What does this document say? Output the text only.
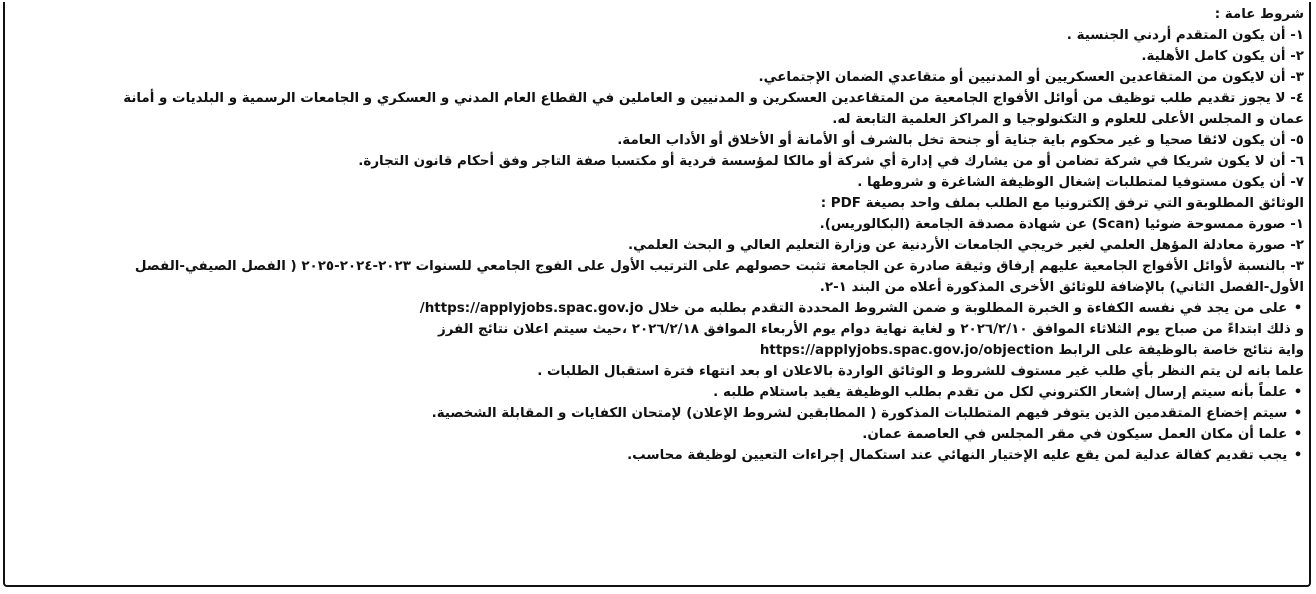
شروط عامة :
١- أن يكون المتقدم أردني الجنسية .
٢- أن يكون كامل الأهلية.
٣- أن لايكون من المتقاعدين العسكريين أو المدنيين أو متقاعدي الضمان الإجتماعي.
٤- لا يجوز تقديم طلب توظيف من أوائل الأفواج الجامعية من المتقاعدين العسكرين و المدنيين و العاملين في القطاع العام المدني و العسكري و الجامعات الرسمية و البلديات و أمانة
عمان و المجلس الأعلى للعلوم و التكنولوجيا و المراكز العلمية التابعة له.
٥- أن يكون لائقا صحيا و غير محكوم باية جناية أو جنحة تخل بالشرف أو الأمانة أو الأخلاق أو الأداب العامة.
٦- أن لا يكون شريكا في شركة تضامن أو من يشارك في إدارة أي شركة أو مالكا لمؤسسة فردية أو مكتسبا صفة التاجر وفق أحكام قانون التجارة.
٧- أن يكون مستوفيا لمتطلبات إشغال الوظيفة الشاغرة و شروطها .
الوثائق المطلوبةو التي ترفق إلكترونيا مع الطلب بملف واحد بصيغة PDF :
١- صورة ممسوحة ضوئيا (Scan) عن شهادة مصدقة الجامعة (البكالوريس).
٢- صورة معادلة المؤهل العلمي لغير خريجي الجامعات الأردنية عن وزارة التعليم العالي و البحث العلمي.
٣- بالنسبة لأوائل الأفواج الجامعية عليهم إرفاق وثيقة صادرة عن الجامعة تثبت حصولهم على الترتيب الأول على الفوج الجامعي للسنوات ٢٠٢٣-٢٠٢٤-٢٠٢٥ ( الفصل الصيفي-الفصل
الأول-الفصل الثاني) بالإضافة للوثائق الأخرى المذكورة أعلاه من البند ١-٢.
• على من يجد في نفسه الكفاءة و الخبرة المطلوبة و ضمن الشروط المحددة التقدم بطلبه من خلال https://applyjobs.spac.gov.jo/
و ذلك ابتداءً من صباح يوم الثلاثاء الموافق ٢٠٢٦/٢/١٠ و لغاية نهاية دوام يوم الأربعاء الموافق ٢٠٢٦/٢/١٨ ،حيث سيتم اعلان نتائج الفرز
واية نتائج خاصة بالوظيفة على الرابط https://applyjobs.spac.gov.jo/objection
علما بانه لن يتم النظر بأي طلب غير مستوف للشروط و الوثائق الواردة بالاعلان او بعد انتهاء فترة استقبال الطلبات .
• علماً بأنه سيتم إرسال إشعار الكتروني لكل من تقدم بطلب الوظيفة يفيد باستلام طلبه .
• سيتم إخضاع المتقدمين الذين يتوفر فيهم المتطلبات المذكورة ( المطابقين لشروط الإعلان) لإمتحان الكفايات و المقابلة الشخصية.
• علما أن مكان العمل سيكون في مقر المجلس في العاصمة عمان.
• يجب تقديم كفالة عدلية لمن يقع عليه الإختيار النهائي عند استكمال إجراءات التعيين لوظيفة محاسب.
